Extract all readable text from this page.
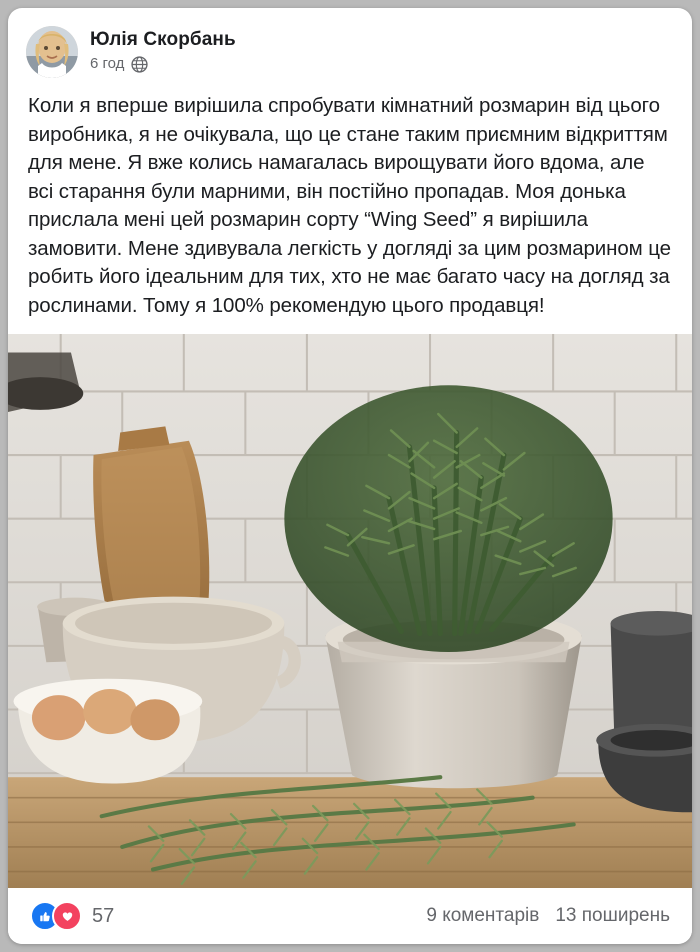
Юлія Скорбань
6 год
Коли я вперше вирішила спробувати кімнатний розмарин від цього виробника, я не очікувала, що це стане таким приємним відкриттям для мене. Я вже колись намагалась вирощувати його вдома, але всі старання були марними, він постійно пропадав. Моя донька прислала мені цей розмарин сорту “Wing Seed” я вирішила замовити. Мене здивувала легкість у догляді за цим розмарином це робить його ідеальним для тих, хто не має багато часу на догляд за рослинами. Тому я 100% рекомендую цього продавця!
57	9 коментарів 13 поширень
